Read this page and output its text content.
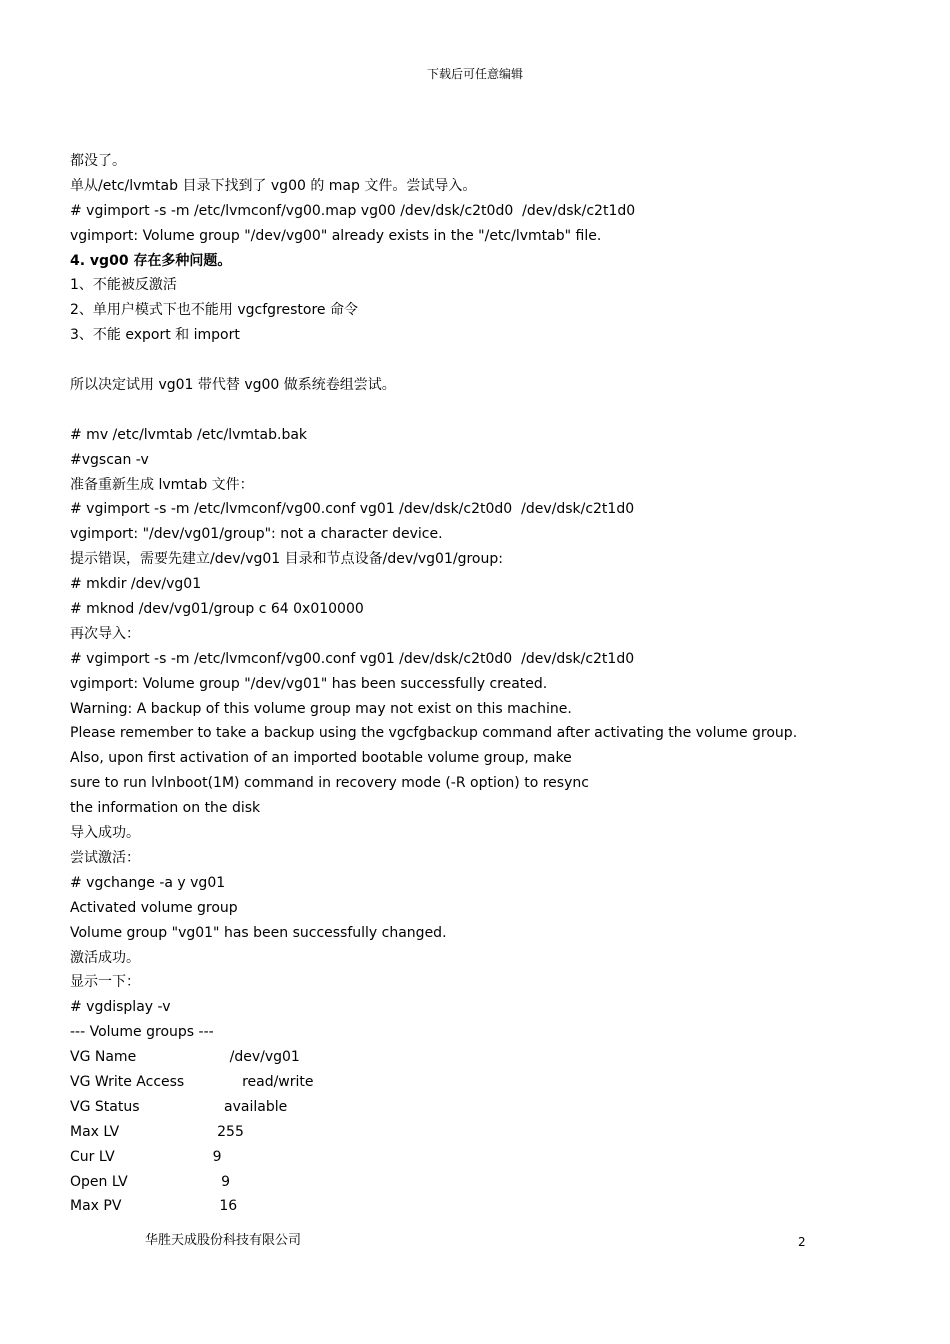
下载后可任意编辑
都没了。
单从/etc/lvmtab 目录下找到了 vg00 的 map 文件。尝试导入。
# vgimport -s -m /etc/lvmconf/vg00.map vg00 /dev/dsk/c2t0d0  /dev/dsk/c2t1d0
vgimport: Volume group "/dev/vg00" already exists in the "/etc/lvmtab" file.
4. vg00 存在多种问题。
1、不能被反激活
2、单用户模式下也不能用 vgcfgrestore 命令
3、不能 export 和 import
所以决定试用 vg01 带代替 vg00 做系统卷组尝试。
# mv /etc/lvmtab /etc/lvmtab.bak
#vgscan -v
准备重新生成 lvmtab 文件：
# vgimport -s -m /etc/lvmconf/vg00.conf vg01 /dev/dsk/c2t0d0  /dev/dsk/c2t1d0
vgimport: "/dev/vg01/group": not a character device.
提示错误，需要先建立/dev/vg01 目录和节点设备/dev/vg01/group:
# mkdir /dev/vg01
# mknod /dev/vg01/group c 64 0x010000
再次导入：
# vgimport -s -m /etc/lvmconf/vg00.conf vg01 /dev/dsk/c2t0d0  /dev/dsk/c2t1d0
vgimport: Volume group "/dev/vg01" has been successfully created.
Warning: A backup of this volume group may not exist on this machine.
Please remember to take a backup using the vgcfgbackup command after activating the volume group.
Also, upon first activation of an imported bootable volume group, make
sure to run lvlnboot(1M) command in recovery mode (-R option) to resync
the information on the disk
导入成功。
尝试激活：
# vgchange -a y vg01
Activated volume group
Volume group "vg01" has been successfully changed.
激活成功。
显示一下：
# vgdisplay -v
--- Volume groups ---
VG Name                     /dev/vg01
VG Write Access             read/write
VG Status                   available
Max LV                      255
Cur LV                      9
Open LV                     9
Max PV                      16
华胜天成股份科技有限公司	2
